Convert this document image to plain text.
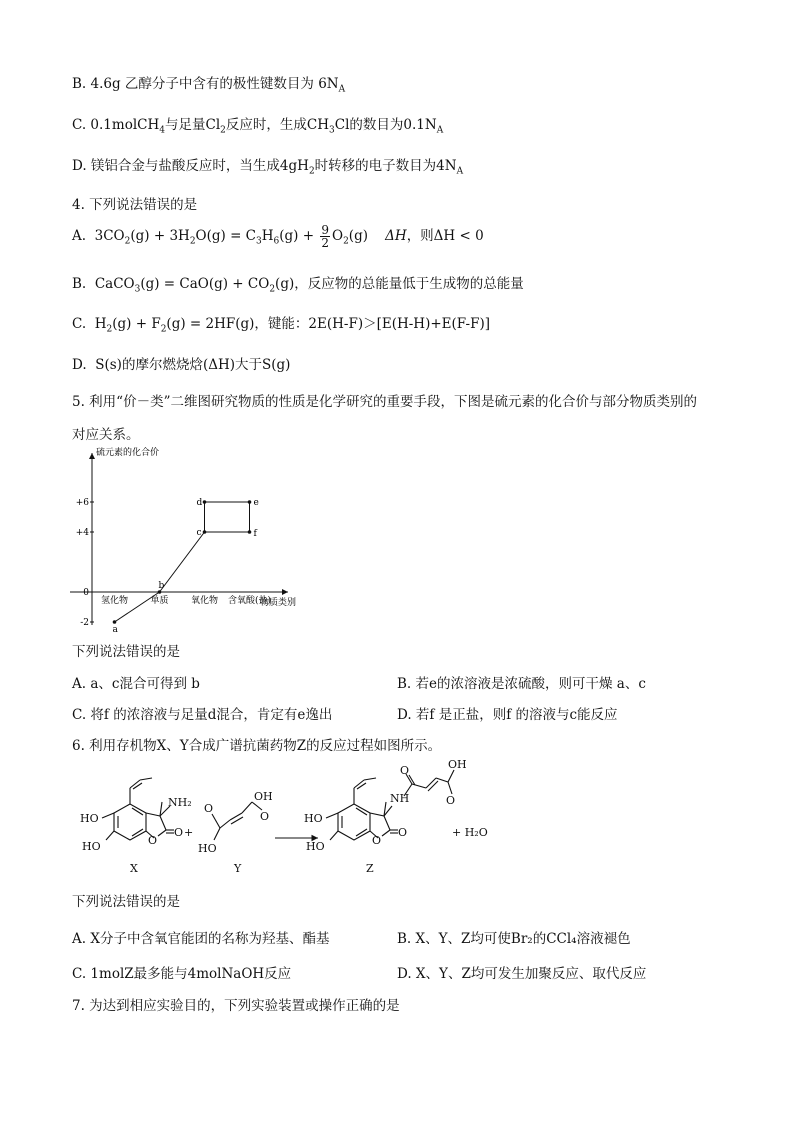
B. 4.6g 乙醇分子中含有的极性键数目为 $6N_A$
C. 0.1molCH$_4$与足量$Cl_2$反应时，生成$CH_3Cl$的数目为$0.1N_A$
D. 镁铝合金与盐酸反应时，当生成$4gH_2$时转移的电子数目为$4N_A$
4. 下列说法错误的是
A. $3CO_2(g) + 3H_2O(g) = C_3H_6(g) + \frac{9}{2} O_2(g)$ ΔH，则ΔH < 0
B. CaCO$_3$(g) = $CaO(g) + CO_2(g)$，反应物的总能量低于生成物的总能量
C. $H_2(g) + F_2(g) = 2HF(g)$，键能：2E(H-F)＞[E(H-H)+E(F-F)]
D. S(s)的摩尔燃烧焓(ΔH)大于S(g)
5. 利用“价－类”二维图研究物质的性质是化学研究的重要手段，下图是硫元素的化合价与部分物质类别的
对应关系。
硫元素的化合价
物质类别
氢化物 单质 氧化物 含氧酸(盐)
+6
+4
0
-2
a
b
c
d	e
f
下列说法错误的是
A. a、c混合可得到 b	B. 若e的浓溶液是浓硫酸，则可干燥 a、c
C. 将f 的浓溶液与足量d混合，肯定有e逸出	D. 若f 是正盐，则f 的溶液与c能反应
6. 利用存机物X、Y合成广谱抗菌药物Z的反应过程如图所示。
HO
HO
NH₂
O
O +
O
HO
OH
O	HO
HO
NH
O
O
O	OH
O
+ H₂O
X	Y	Z
下列说法错误的是
A. X分子中含氧官能团的名称为羟基、酯基	B. X、Y、Z均可使Br₂的CCl₄溶液褪色
C. 1molZ最多能与4molNaOH反应	D. X、Y、Z均可发生加聚反应、取代反应
7. 为达到相应实验目的，下列实验装置或操作正确的是
